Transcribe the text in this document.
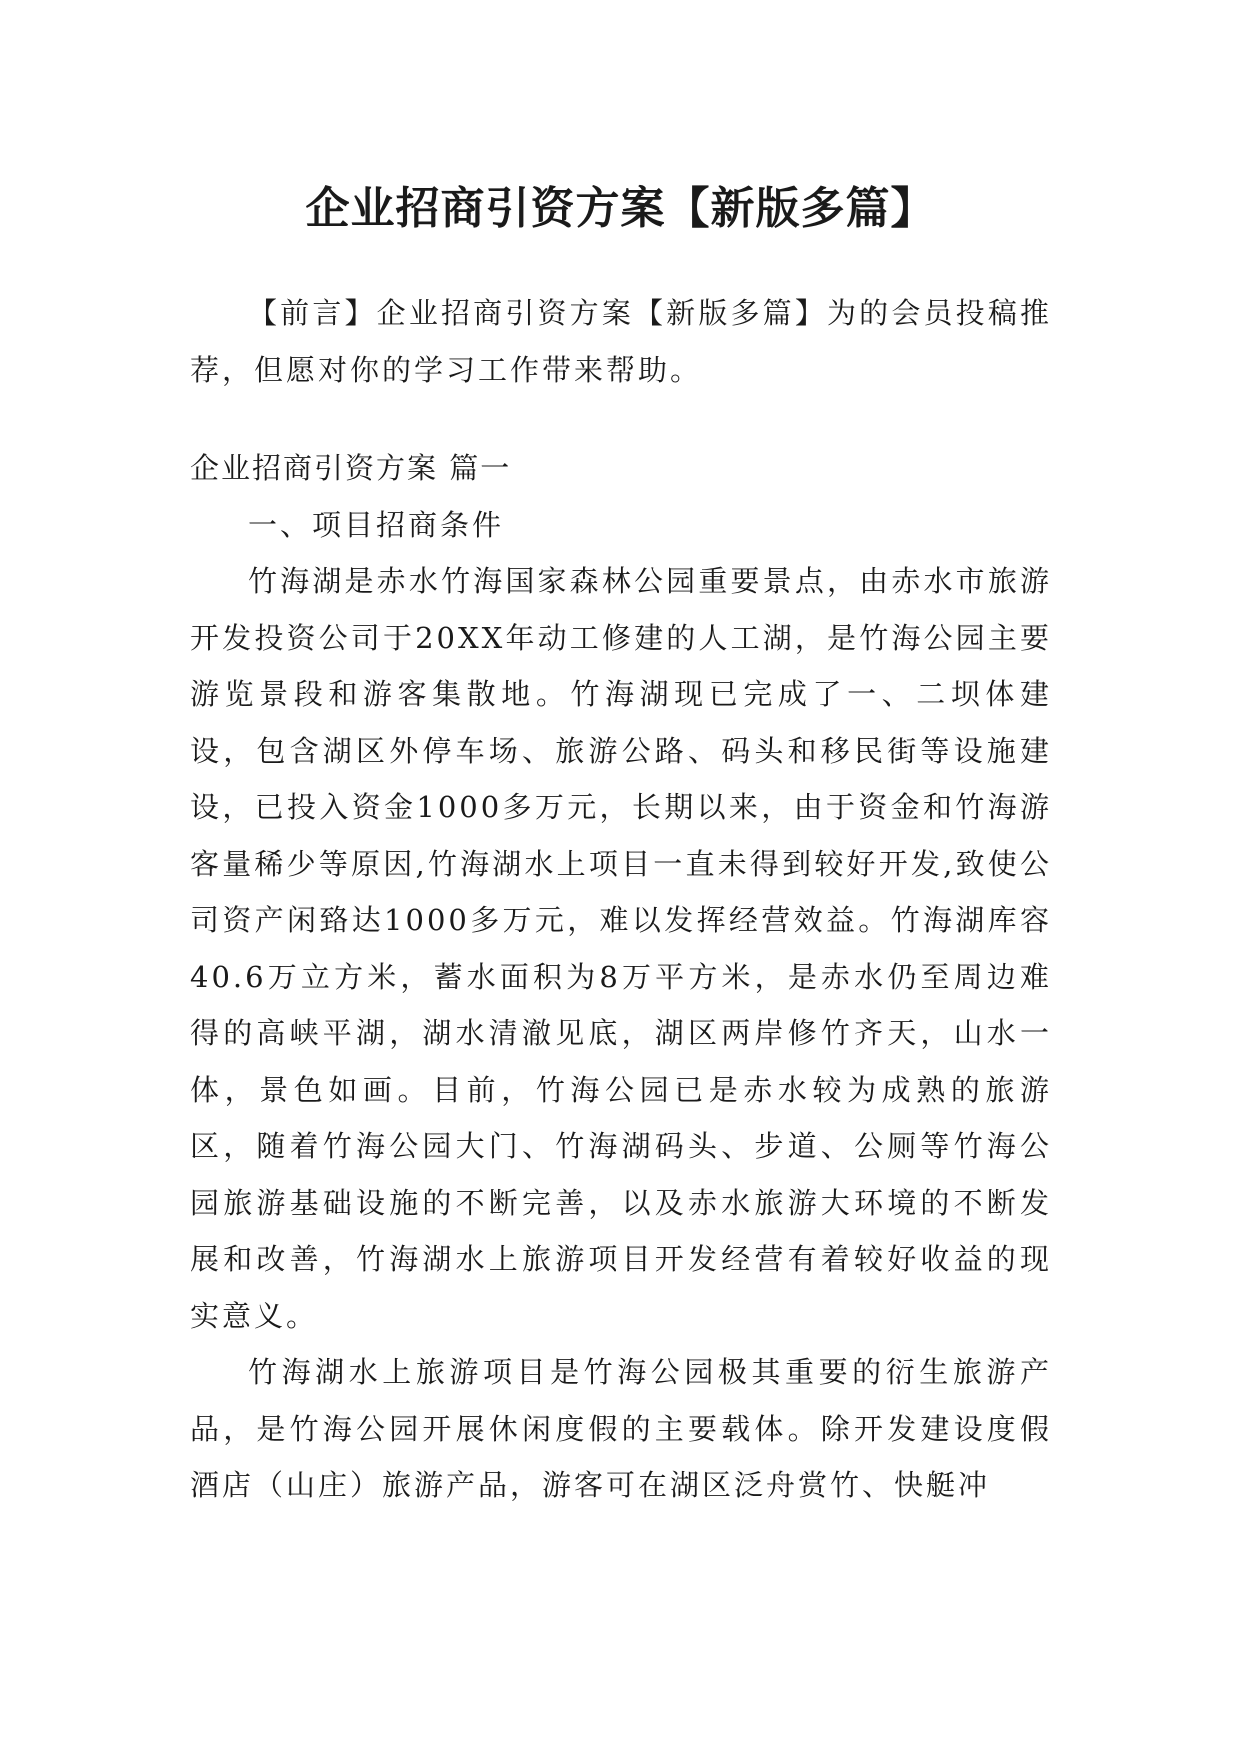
企业招商引资方案【新版多篇】

【前言】企业招商引资方案【新版多篇】为的会员投稿推荐，但愿对你的学习工作带来帮助。

企业招商引资方案 篇一

一、项目招商条件

竹海湖是赤水竹海国家森林公园重要景点，由赤水市旅游开发投资公司于20XX年动工修建的人工湖，是竹海公园主要游览景段和游客集散地。竹海湖现已完成了一、二坝体建设，包含湖区外停车场、旅游公路、码头和移民街等设施建设，已投入资金1000多万元，长期以来，由于资金和竹海游客量稀少等原因,竹海湖水上项目一直未得到较好开发,致使公司资产闲臵达1000多万元，难以发挥经营效益。竹海湖库容40.6万立方米，蓄水面积为8万平方米，是赤水仍至周边难得的高峡平湖，湖水清澈见底，湖区两岸修竹齐天，山水一体，景色如画。目前，竹海公园已是赤水较为成熟的旅游区，随着竹海公园大门、竹海湖码头、步道、公厕等竹海公园旅游基础设施的不断完善，以及赤水旅游大环境的不断发展和改善，竹海湖水上旅游项目开发经营有着较好收益的现实意义。

竹海湖水上旅游项目是竹海公园极其重要的衍生旅游产品，是竹海公园开展休闲度假的主要载体。除开发建设度假酒店（山庄）旅游产品，游客可在湖区泛舟赏竹、快艇冲
